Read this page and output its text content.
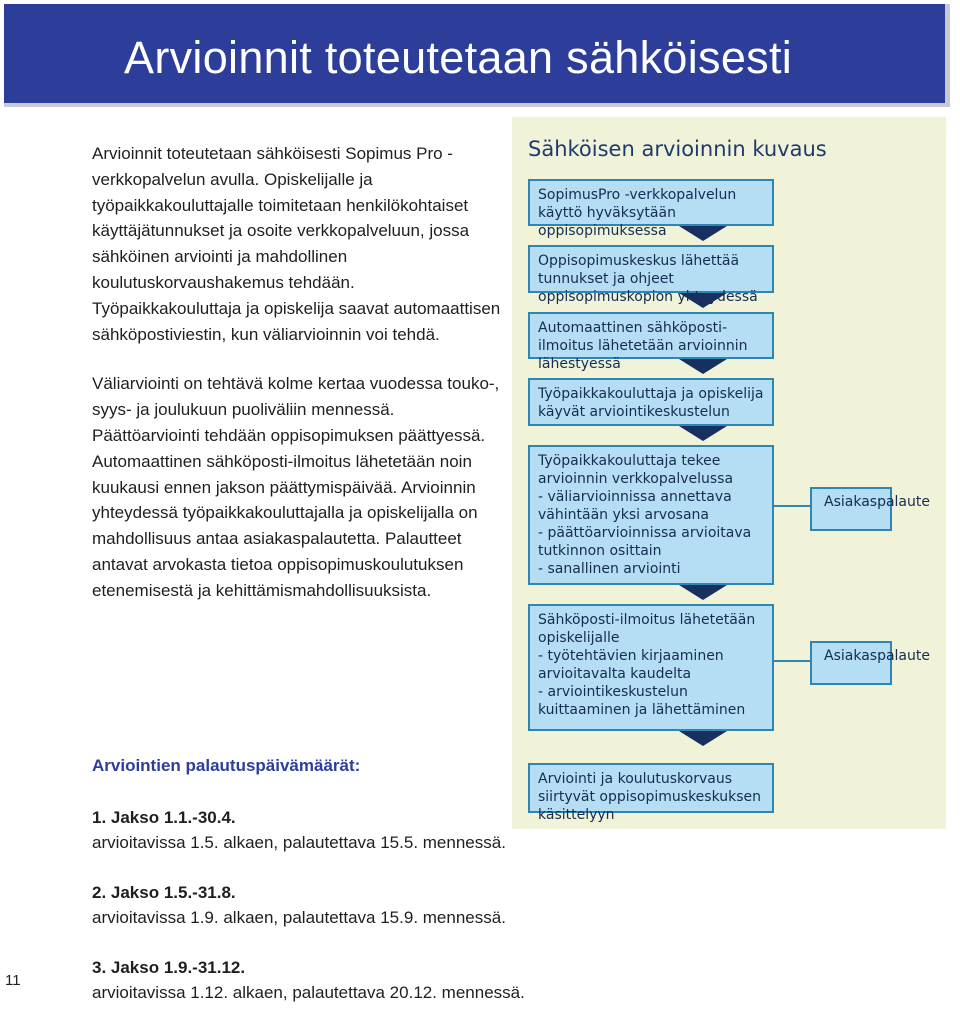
Arvioinnit toteutetaan sähköisesti

Arvioinnit toteutetaan sähköisesti Sopimus Pro -verkkopalvelun avulla. Opiskelijalle ja työpaikkakouluttajalle toimitetaan henkilökohtaiset käyttäjätunnukset ja osoite verkkopalveluun, jossa sähköinen arviointi ja mahdollinen koulutuskorvaushakemus tehdään. Työpaikkakouluttaja ja opiskelija saavat automaattisen sähköpostiviestin, kun väliarvioinnin voi tehdä.

Väliarviointi on tehtävä kolme kertaa vuodessa touko-, syys- ja joulukuun puoliväliin mennessä. Päättöarviointi tehdään oppisopimuksen päättyessä. Automaattinen sähköposti-ilmoitus lähetetään noin kuukausi ennen jakson päättymispäivää. Arvioinnin yhteydessä työpaikkakouluttajalla ja opiskelijalla on mahdollisuus antaa asiakaspalautetta. Palautteet antavat arvokasta tietoa oppisopimuskoulutuksen etenemisestä ja kehittämismahdollisuuksista.

Arviointien palautuspäivämäärät:

1. Jakso 1.1.-30.4.
arvioitavissa 1.5. alkaen, palautettava 15.5. mennessä.
2. Jakso 1.5.-31.8.
arvioitavissa 1.9. alkaen, palautettava 15.9. mennessä.
3. Jakso 1.9.-31.12.
arvioitavissa 1.12. alkaen, palautettava 20.12. mennessä.
11
Sähköisen arvioinnin kuvaus
SopimusPro -verkkopalvelun käyttö hyväksytään oppisopimuksessa
Oppisopimuskeskus lähettää tunnukset ja ohjeet oppisopimuskopion yhteydessä
Automaattinen sähköposti-ilmoitus lähetetään arvioinnin lähestyessä
Työpaikkakouluttaja ja opiskelija käyvät arviointikeskustelun
Työpaikkakouluttaja tekee arvioinnin verkkopalvelussa
- väliarvioinnissa annettava vähintään yksi arvosana
- päättöarvioinnissa arvioitava tutkinnon osittain
- sanallinen arviointi
Asiakaspalaute
Sähköposti-ilmoitus lähetetään opiskelijalle
- työtehtävien kirjaaminen arvioitavalta kaudelta
- arviointikeskustelun kuittaaminen ja lähettäminen
Asiakaspalaute
Arviointi ja koulutuskorvaus siirtyvät oppisopimuskeskuksen käsittelyyn
